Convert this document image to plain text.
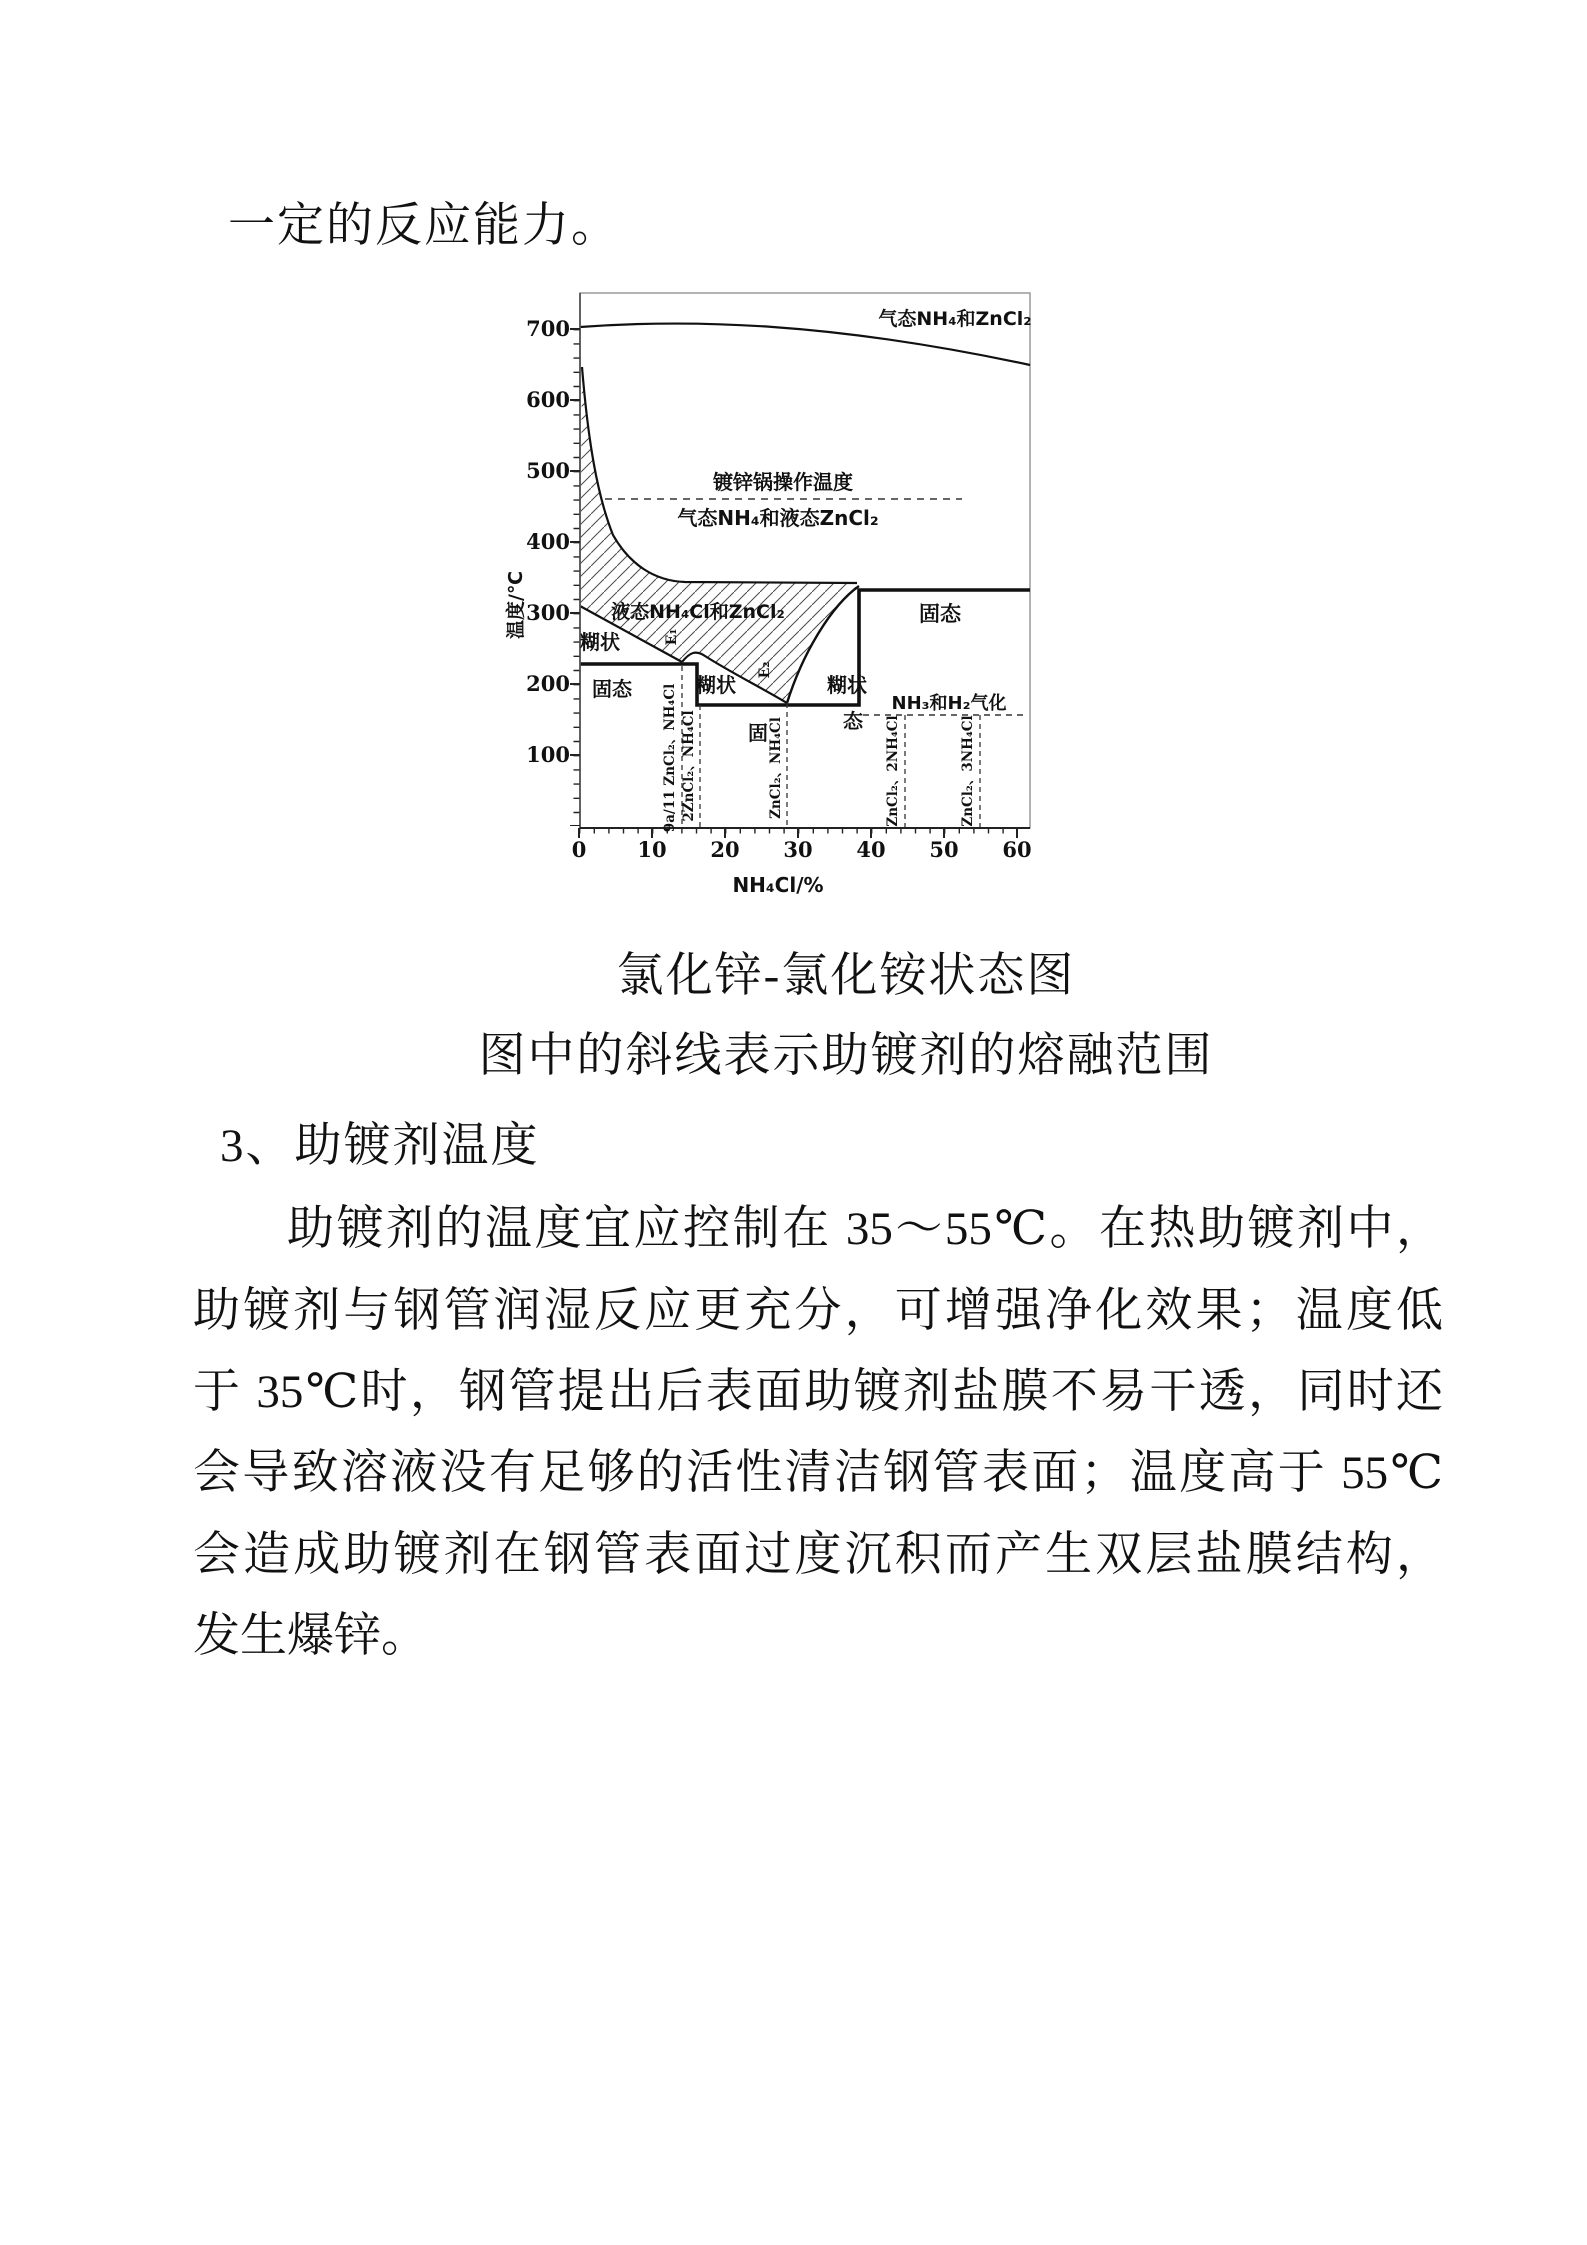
一定的反应能力。
700
600
500
400
300
200
100
0 10 20 30 40 50 60
温度/℃
NH₄Cl/%
气态NH₄和ZnCl₂
镀锌锅操作温度
气态NH₄和液态ZnCl₂
液态NH₄Cl和ZnCl₂
糊状
固态	糊状
固
糊状
态
固态
NH₃和H₂气化
E₁
E₂
9a/11 ZnCl₂、NH₄Cl 2ZnCl₂、NH₄Cl	ZnCl₂、NH₄Cl	ZnCl₂、2NH₄Cl	ZnCl₂、3NH₄Cl
氯化锌-氯化铵状态图
图中的斜线表示助镀剂的熔融范围
3、助镀剂温度
助镀剂的温度宜应控制在 35～55℃。在热助镀剂中，
助镀剂与钢管润湿反应更充分，可增强净化效果；温度低
于 35℃时，钢管提出后表面助镀剂盐膜不易干透，同时还
会导致溶液没有足够的活性清洁钢管表面；温度高于 55℃
会造成助镀剂在钢管表面过度沉积而产生双层盐膜结构，
发生爆锌。
